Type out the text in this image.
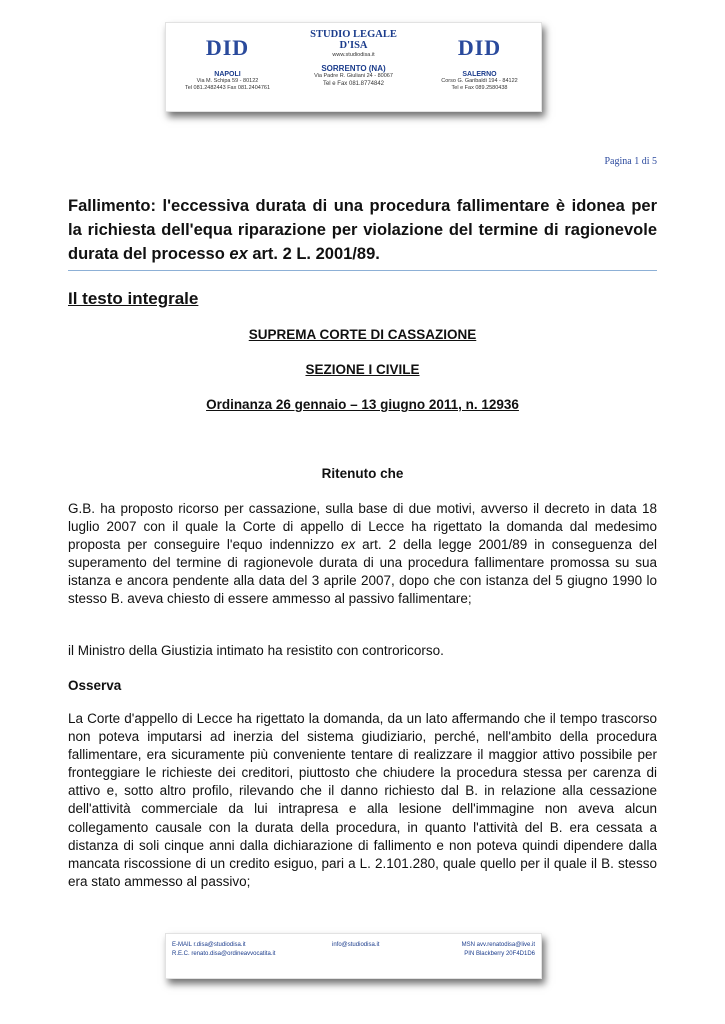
DID
NAPOLI
Via M. Schipa 59 - 80122
Tel 081.2482443 Fax 081.2404761
STUDIO LEGALE
D'ISA
www.studiodisa.it
SORRENTO (NA)
Via Padre R. Giuliani 24 - 80067
Tel e Fax 081.8774842
DID
SALERNO
Corso G. Garibaldi 194 - 84122
Tel e Fax 089.2580438
Pagina 1 di 5
Fallimento: l'eccessiva durata di una procedura fallimentare è idonea per la richiesta dell'equa riparazione per violazione del termine di ragionevole durata del processo ex art. 2 L. 2001/89.
Il testo integrale

SUPREMA CORTE DI CASSAZIONE

SEZIONE I CIVILE

Ordinanza 26 gennaio – 13 giugno 2011, n. 12936

Ritenuto che

G.B. ha proposto ricorso per cassazione, sulla base di due motivi, avverso il decreto in data 18 luglio 2007 con il quale la Corte di appello di Lecce ha rigettato la domanda dal medesimo proposta per conseguire l'equo indennizzo ex art. 2 della legge 2001/89 in conseguenza del superamento del termine di ragionevole durata di una procedura fallimentare promossa su sua istanza e ancora pendente alla data del 3 aprile 2007, dopo che con istanza del 5 giugno 1990 lo stesso B. aveva chiesto di essere ammesso al passivo fallimentare;

il Ministro della Giustizia intimato ha resistito con controricorso.

Osserva

La Corte d'appello di Lecce ha rigettato la domanda, da un lato affermando che il tempo trascorso non poteva imputarsi ad inerzia del sistema giudiziario, perché, nell'ambito della procedura fallimentare, era sicuramente più conveniente tentare di realizzare il maggior attivo possibile per fronteggiare le richieste dei creditori, piuttosto che chiudere la procedura stessa per carenza di attivo e, sotto altro profilo, rilevando che il danno richiesto dal B. in relazione alla cessazione dell'attività commerciale da lui intrapresa e alla lesione dell'immagine non aveva alcun collegamento causale con la durata della procedura, in quanto l'attività del B. era cessata a distanza di soli cinque anni dalla dichiarazione di fallimento e non poteva quindi dipendere dalla mancata riscossione di un credito esiguo, pari a L. 2.101.280, quale quello per il quale il B. stesso era stato ammesso al passivo;

E-MAIL r.disa@studiodisa.it
R.E.C. renato.disa@ordineavvocatita.it
info@studiodisa.it	MSN avv.renatodisa@live.it
PIN Blackberry 20F4D1D6
